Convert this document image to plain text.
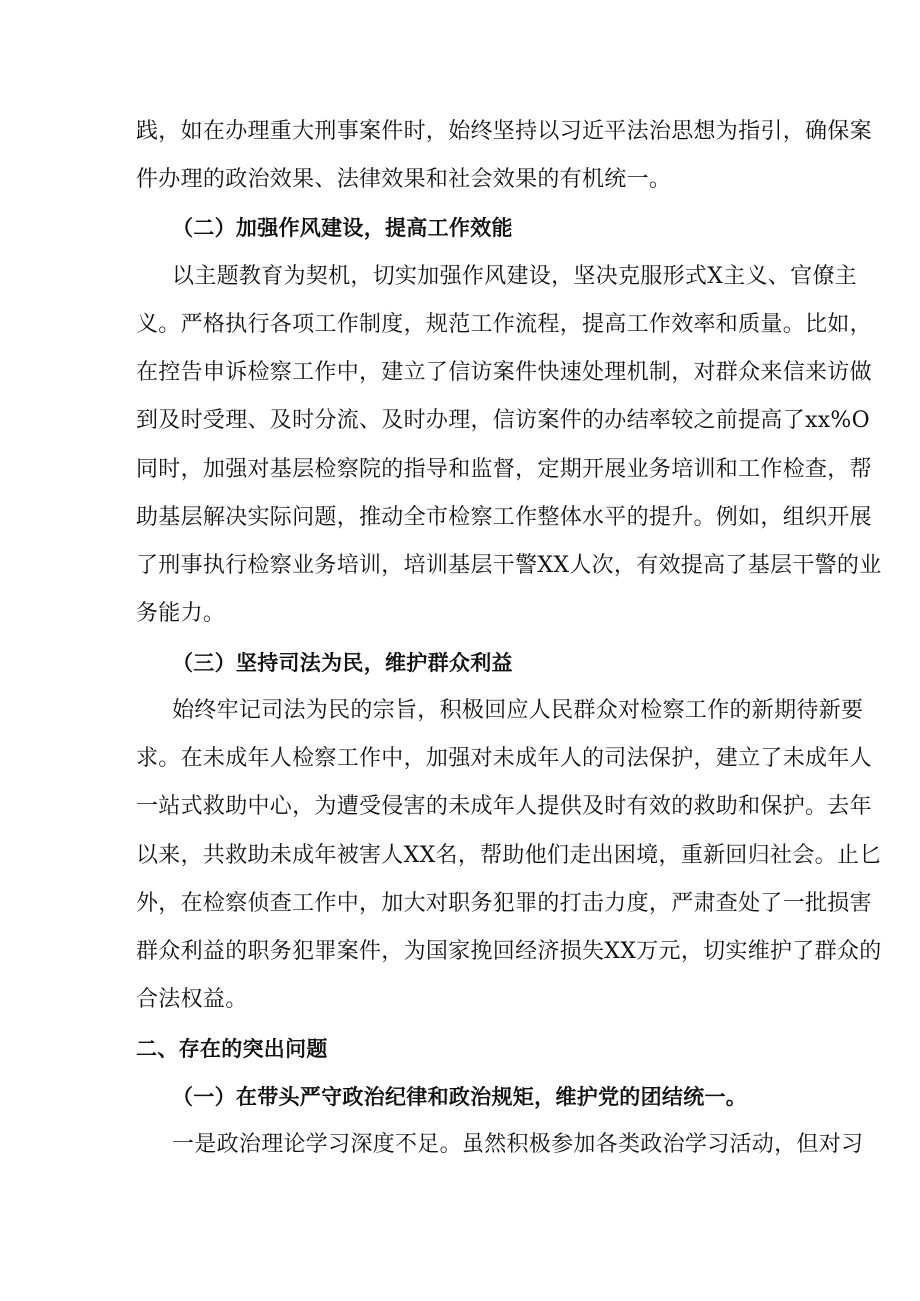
践，如在办理重大刑事案件时，始终坚持以习近平法治思想为指引，确保案
件办理的政治效果、法律效果和社会效果的有机统一。
（二）加强作风建设，提高工作效能
以主题教育为契机，切实加强作风建设，坚决克服形式X主义、官僚主
义。严格执行各项工作制度，规范工作流程，提高工作效率和质量。比如，
在控告申诉检察工作中，建立了信访案件快速处理机制，对群众来信来访做
到及时受理、及时分流、及时办理，信访案件的办结率较之前提高了xx%O
同时，加强对基层检察院的指导和监督，定期开展业务培训和工作检查，帮
助基层解决实际问题，推动全市检察工作整体水平的提升。例如，组织开展
了刑事执行检察业务培训，培训基层干警XX人次，有效提高了基层干警的业
务能力。
（三）坚持司法为民，维护群众利益
始终牢记司法为民的宗旨，积极回应人民群众对检察工作的新期待新要
求。在未成年人检察工作中，加强对未成年人的司法保护，建立了未成年人
一站式救助中心，为遭受侵害的未成年人提供及时有效的救助和保护。去年
以来，共救助未成年被害人XX名，帮助他们走出困境，重新回归社会。止匕
外，在检察侦查工作中，加大对职务犯罪的打击力度，严肃查处了一批损害
群众利益的职务犯罪案件，为国家挽回经济损失XX万元，切实维护了群众的
合法权益。
二、存在的突出问题
（一）在带头严守政治纪律和政治规矩，维护党的团结统一。
一是政治理论学习深度不足。虽然积极参加各类政治学习活动，但对习
